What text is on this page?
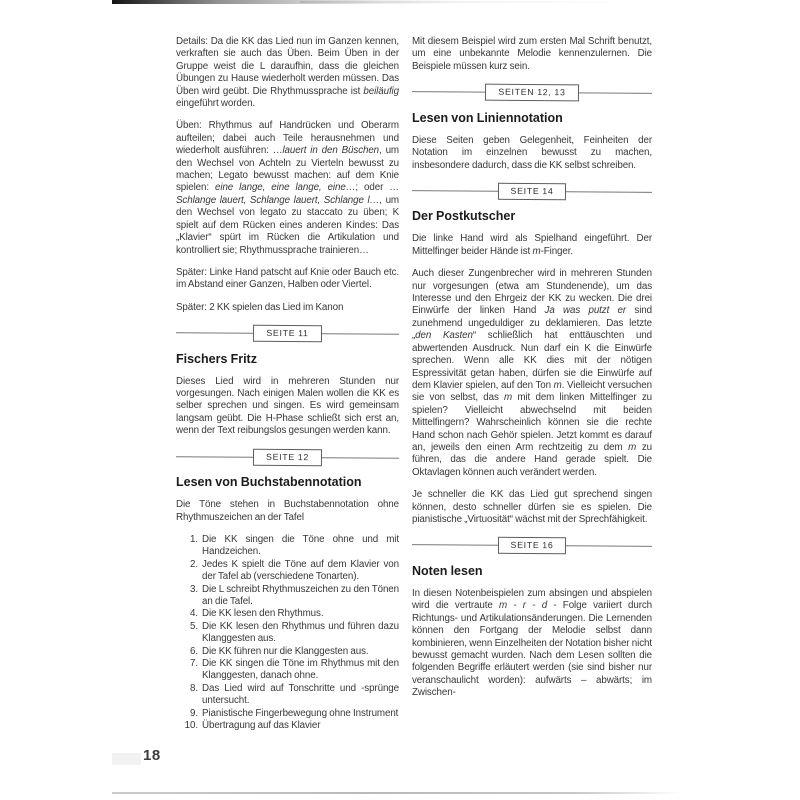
Details: Da die KK das Lied nun im Ganzen kennen, verkraften sie auch das Üben. Beim Üben in der Gruppe weist die L daraufhin, dass die gleichen Übungen zu Hause wiederholt werden müssen. Das Üben wird geübt. Die Rhythmussprache ist beiläufig eingeführt worden.

Üben: Rhythmus auf Handrücken und Oberarm aufteilen; dabei auch Teile herausnehmen und wiederholt ausführen: …lauert in den Büschen, um den Wechsel von Achteln zu Vierteln bewusst zu machen; Legato bewusst machen: auf dem Knie spielen: eine lange, eine lange, eine…; oder …Schlange lauert, Schlange lauert, Schlange l…, um den Wechsel von legato zu staccato zu üben; K spielt auf dem Rücken eines anderen Kindes: Das „Klavier“ spürt im Rücken die Artikulation und kontrolliert sie; Rhythmussprache trainieren…

Später: Linke Hand patscht auf Knie oder Bauch etc. im Abstand einer Ganzen, Halben oder Viertel.

Später: 2 KK spielen das Lied im Kanon

SEITE 11
Fischers Fritz

Dieses Lied wird in mehreren Stunden nur vorgesungen. Nach einigen Malen wollen die KK es selber sprechen und singen. Es wird gemeinsam langsam geübt. Die H-Phase schließt sich erst an, wenn der Text reibungslos gesungen werden kann.

SEITE 12
Lesen von Buchstabennotation

Die Töne stehen in Buchstabennotation ohne Rhythmuszeichen an der Tafel

1. Die KK singen die Töne ohne und mit Handzeichen.
2. Jedes K spielt die Töne auf dem Klavier von der Tafel ab (verschiedene Tonarten).
3. Die L schreibt Rhythmuszeichen zu den Tönen an die Tafel.
4. Die KK lesen den Rhythmus.
5. Die KK lesen den Rhythmus und führen dazu Klanggesten aus.
6. Die KK führen nur die Klanggesten aus.
7. Die KK singen die Töne im Rhythmus mit den Klanggesten, danach ohne.
8. Das Lied wird auf Tonschritte und -sprünge untersucht.
9. Pianistische Fingerbewegung ohne Instrument
10. Übertragung auf das Klavier

Mit diesem Beispiel wird zum ersten Mal Schrift benutzt, um eine unbekannte Melodie kennenzulernen. Die Beispiele müssen kurz sein.

SEITEN 12, 13
Lesen von Liniennotation

Diese Seiten geben Gelegenheit, Feinheiten der Notation im einzelnen bewusst zu machen, insbesondere dadurch, dass die KK selbst schreiben.

SEITE 14
Der Postkutscher

Die linke Hand wird als Spielhand eingeführt. Der Mittelfinger beider Hände ist m-Finger.

Auch dieser Zungenbrecher wird in mehreren Stunden nur vorgesungen (etwa am Stundenende), um das Interesse und den Ehrgeiz der KK zu wecken. Die drei Einwürfe der linken Hand Ja was putzt er sind zunehmend ungeduldiger zu deklamieren. Das letzte „den Kasten“ schließlich hat enttäuschten und abwertenden Ausdruck. Nun darf ein K die Einwürfe sprechen. Wenn alle KK dies mit der nötigen Espressivität getan haben, dürfen sie die Einwürfe auf dem Klavier spielen, auf den Ton m. Vielleicht versuchen sie von selbst, das m mit dem linken Mittelfinger zu spielen? Vielleicht abwechselnd mit beiden Mittelfingern? Wahrscheinlich können sie die rechte Hand schon nach Gehör spielen. Jetzt kommt es darauf an, jeweils den einen Arm rechtzeitig zu dem m zu führen, das die andere Hand gerade spielt. Die Oktavlagen können auch verändert werden.

Je schneller die KK das Lied gut sprechend singen können, desto schneller dürfen sie es spielen. Die pianistische „Virtuosität“ wächst mit der Sprechfähigkeit.

SEITE 16
Noten lesen

In diesen Notenbeispielen zum absingen und abspielen wird die vertraute m - r - d - Folge variiert durch Richtungs- und Artikulationsänderungen. Die Lernenden können den Fortgang der Melodie selbst dann kombinieren, wenn Einzelheiten der Notation bisher nicht bewusst gemacht wurden. Nach dem Lesen sollten die folgenden Begriffe erläutert werden (sie sind bisher nur veranschaulicht worden): aufwärts – abwärts; im Zwischen-

18
